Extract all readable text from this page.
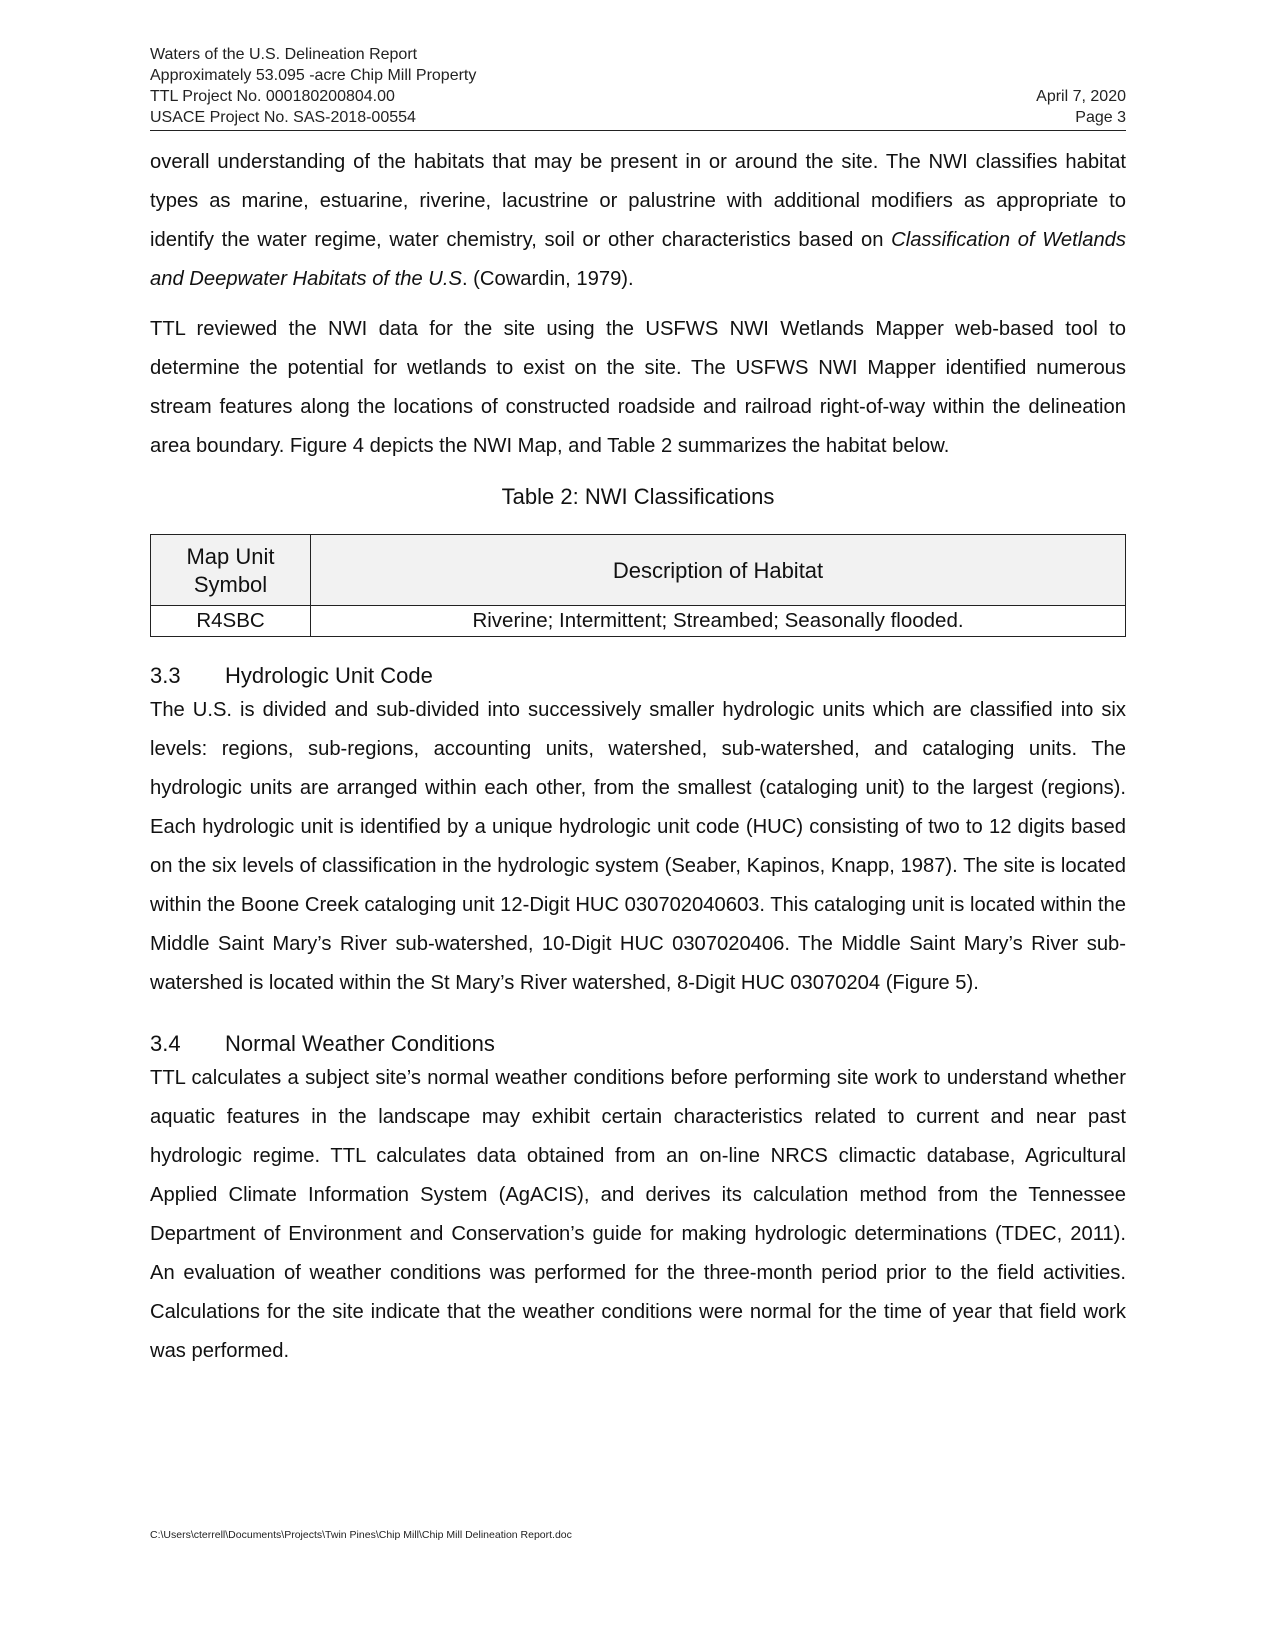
Waters of the U.S. Delineation Report
Approximately 53.095 -acre Chip Mill Property
TTL Project No. 000180200804.00
USACE Project No. SAS-2018-00554
April 7, 2020
Page 3

overall understanding of the habitats that may be present in or around the site. The NWI classifies habitat types as marine, estuarine, riverine, lacustrine or palustrine with additional modifiers as appropriate to identify the water regime, water chemistry, soil or other characteristics based on Classification of Wetlands and Deepwater Habitats of the U.S. (Cowardin, 1979).

TTL reviewed the NWI data for the site using the USFWS NWI Wetlands Mapper web-based tool to determine the potential for wetlands to exist on the site. The USFWS NWI Mapper identified numerous stream features along the locations of constructed roadside and railroad right-of-way within the delineation area boundary. Figure 4 depicts the NWI Map, and Table 2 summarizes the habitat below.

Table 2: NWI Classifications
Map Unit Symbol	Description of Habitat
R4SBC	Riverine; Intermittent; Streambed; Seasonally flooded.
3.3 Hydrologic Unit Code

The U.S. is divided and sub-divided into successively smaller hydrologic units which are classified into six levels: regions, sub-regions, accounting units, watershed, sub-watershed, and cataloging units. The hydrologic units are arranged within each other, from the smallest (cataloging unit) to the largest (regions). Each hydrologic unit is identified by a unique hydrologic unit code (HUC) consisting of two to 12 digits based on the six levels of classification in the hydrologic system (Seaber, Kapinos, Knapp, 1987). The site is located within the Boone Creek cataloging unit 12-Digit HUC 030702040603. This cataloging unit is located within the Middle Saint Mary’s River sub-watershed, 10-Digit HUC 0307020406. The Middle Saint Mary’s River sub-watershed is located within the St Mary’s River watershed, 8-Digit HUC 03070204 (Figure 5).

3.4 Normal Weather Conditions

TTL calculates a subject site’s normal weather conditions before performing site work to understand whether aquatic features in the landscape may exhibit certain characteristics related to current and near past hydrologic regime. TTL calculates data obtained from an on-line NRCS climactic database, Agricultural Applied Climate Information System (AgACIS), and derives its calculation method from the Tennessee Department of Environment and Conservation’s guide for making hydrologic determinations (TDEC, 2011). An evaluation of weather conditions was performed for the three-month period prior to the field activities. Calculations for the site indicate that the weather conditions were normal for the time of year that field work was performed.

C:\Users\cterrell\Documents\Projects\Twin Pines\Chip Mill\Chip Mill Delineation Report.doc
